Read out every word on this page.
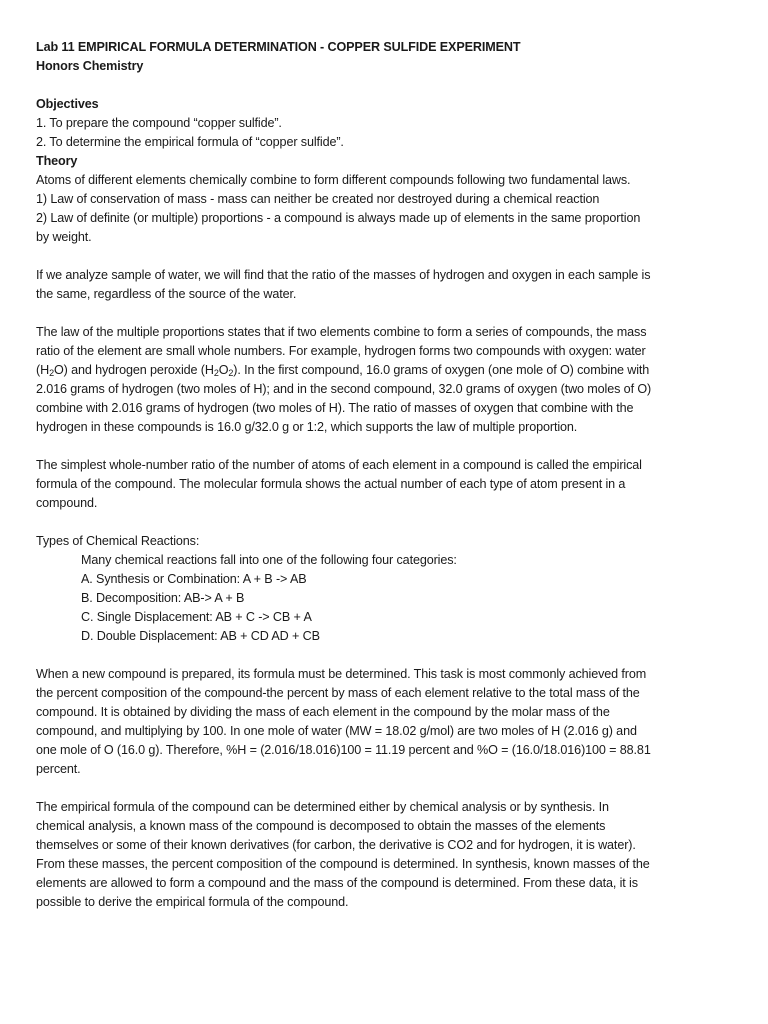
Lab 11 EMPIRICAL FORMULA DETERMINATION - COPPER SULFIDE EXPERIMENT
Honors Chemistry
Objectives
1. To prepare the compound “copper sulfide”.
2. To determine the empirical formula of “copper sulfide”.
Theory
Atoms of different elements chemically combine to form different compounds following two fundamental laws.
1) Law of conservation of mass - mass can neither be created nor destroyed during a chemical reaction
2) Law of definite (or multiple) proportions - a compound is always made up of elements in the same proportion
by weight.
If we analyze sample of water, we will find that the ratio of the masses of hydrogen and oxygen in each sample is
the same, regardless of the source of the water.
The law of the multiple proportions states that if two elements combine to form a series of compounds, the mass
ratio of the element are small whole numbers. For example, hydrogen forms two compounds with oxygen: water
$(H_2O)$ and hydrogen peroxide $(H_2O_2)$. In the first compound, 16.0 grams of oxygen (one mole of O) combine with
2.016 grams of hydrogen (two moles of H); and in the second compound, 32.0 grams of oxygen (two moles of O)
combine with 2.016 grams of hydrogen (two moles of H). The ratio of masses of oxygen that combine with the
hydrogen in these compounds is 16.0 g/32.0 g or 1:2, which supports the law of multiple proportion.
The simplest whole-number ratio of the number of atoms of each element in a compound is called the empirical
formula of the compound. The molecular formula shows the actual number of each type of atom present in a
compound.
Types of Chemical Reactions:
Many chemical reactions fall into one of the following four categories:
A. Synthesis or Combination: A + B -> AB
B. Decomposition: AB-> A + B
C. Single Displacement: AB + C -> CB + A
D. Double Displacement: AB + CD AD + CB
When a new compound is prepared, its formula must be determined. This task is most commonly achieved from
the percent composition of the compound-the percent by mass of each element relative to the total mass of the
compound. It is obtained by dividing the mass of each element in the compound by the molar mass of the
compound, and multiplying by 100. In one mole of water (MW = 18.02 g/mol) are two moles of H (2.016 g) and
one mole of O (16.0 g). Therefore, %H = (2.016/18.016)100 = 11.19 percent and %O = (16.0/18.016)100 = 88.81
percent.
The empirical formula of the compound can be determined either by chemical analysis or by synthesis. In
chemical analysis, a known mass of the compound is decomposed to obtain the masses of the elements
themselves or some of their known derivatives (for carbon, the derivative is CO2 and for hydrogen, it is water).
From these masses, the percent composition of the compound is determined. In synthesis, known masses of the
elements are allowed to form a compound and the mass of the compound is determined. From these data, it is
possible to derive the empirical formula of the compound.
